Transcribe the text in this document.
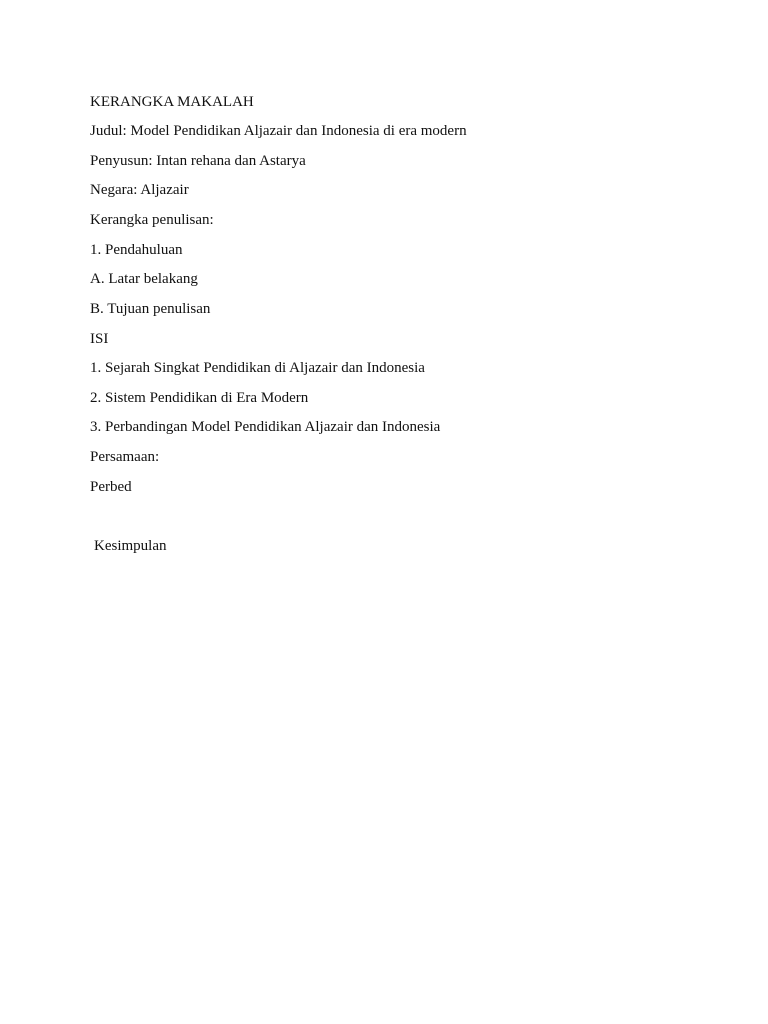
KERANGKA MAKALAH
Judul: Model Pendidikan Aljazair dan Indonesia di era modern
Penyusun: Intan rehana dan Astarya
Negara: Aljazair
Kerangka penulisan:
1. Pendahuluan
A. Latar belakang
B. Tujuan penulisan
ISI
1. Sejarah Singkat Pendidikan di Aljazair dan Indonesia
2. Sistem Pendidikan di Era Modern
3. Perbandingan Model Pendidikan Aljazair dan Indonesia
Persamaan:
Perbed
Kesimpulan
